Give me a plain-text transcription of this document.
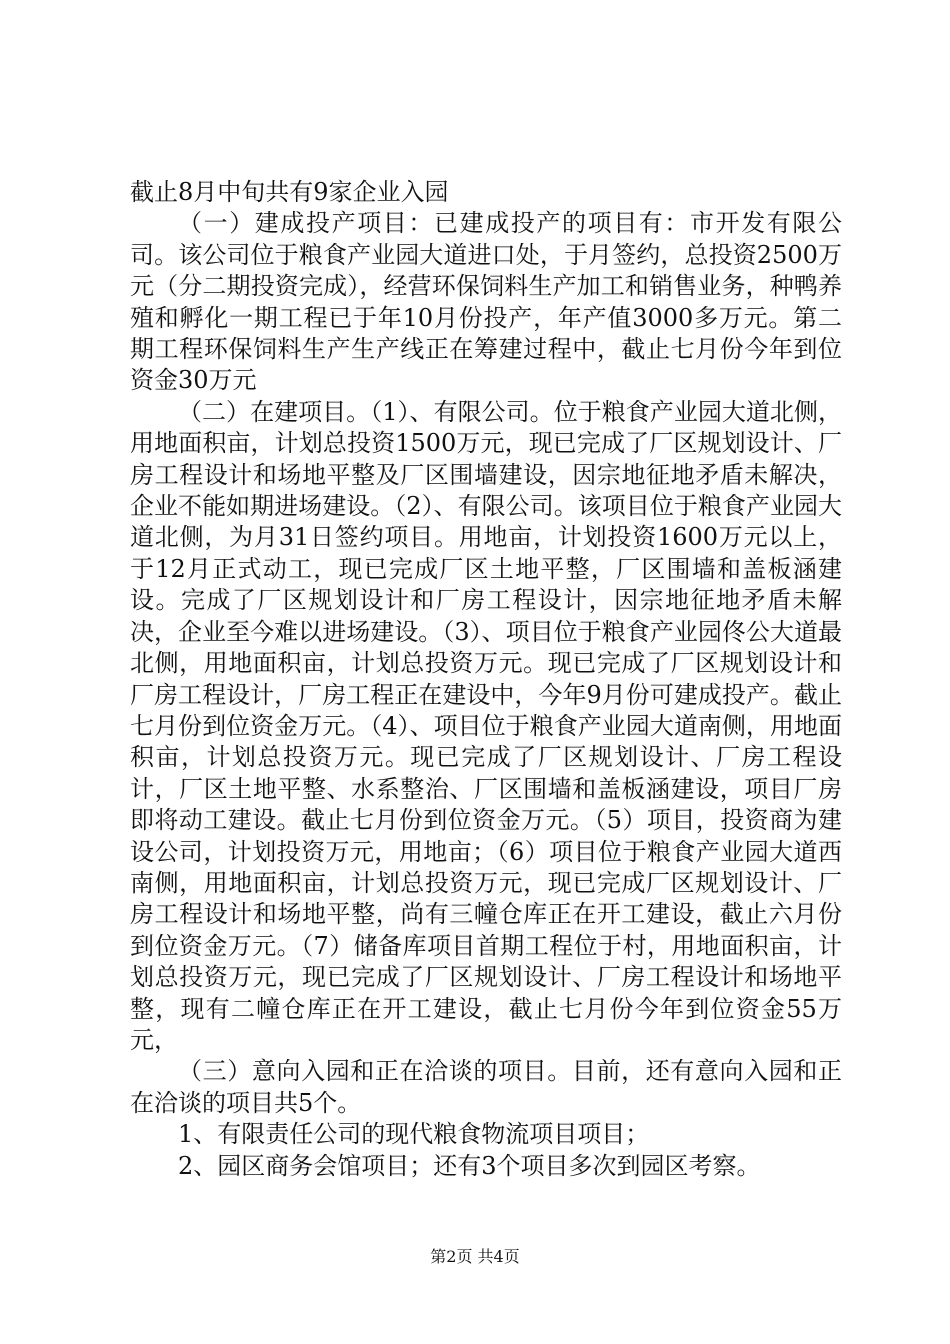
截止8月中旬共有9家企业入园

（一）建成投产项目：已建成投产的项目有：市开发有限公司。该公司位于粮食产业园大道进口处，于月签约，总投资2500万元（分二期投资完成），经营环保饲料生产加工和销售业务，种鸭养殖和孵化一期工程已于年10月份投产，年产值3000多万元。第二期工程环保饲料生产生产线正在筹建过程中，截止七月份今年到位资金30万元

（二）在建项目。（1）、有限公司。位于粮食产业园大道北侧，用地面积亩，计划总投资1500万元，现已完成了厂区规划设计、厂房工程设计和场地平整及厂区围墙建设，因宗地征地矛盾未解决，企业不能如期进场建设。（2）、有限公司。该项目位于粮食产业园大道北侧，为月31日签约项目。用地亩，计划投资1600万元以上，于12月正式动工，现已完成厂区土地平整，厂区围墙和盖板涵建设。完成了厂区规划设计和厂房工程设计，因宗地征地矛盾未解决，企业至今难以进场建设。（3）、项目位于粮食产业园佟公大道最北侧，用地面积亩，计划总投资万元。现已完成了厂区规划设计和厂房工程设计，厂房工程正在建设中，今年9月份可建成投产。截止七月份到位资金万元。（4）、项目位于粮食产业园大道南侧，用地面积亩，计划总投资万元。现已完成了厂区规划设计、厂房工程设计，厂区土地平整、水系整治、厂区围墙和盖板涵建设，项目厂房即将动工建设。截止七月份到位资金万元。（5）项目，投资商为建设公司，计划投资万元，用地亩；（6）项目位于粮食产业园大道西南侧，用地面积亩，计划总投资万元，现已完成厂区规划设计、厂房工程设计和场地平整，尚有三幢仓库正在开工建设，截止六月份到位资金万元。（7）储备库项目首期工程位于村，用地面积亩，计划总投资万元，现已完成了厂区规划设计、厂房工程设计和场地平整，现有二幢仓库正在开工建设，截止七月份今年到位资金55万元，

（三）意向入园和正在洽谈的项目。目前，还有意向入园和正在洽谈的项目共5个。

1、有限责任公司的现代粮食物流项目项目；

2、园区商务会馆项目；还有3个项目多次到园区考察。

第2页 共4页
